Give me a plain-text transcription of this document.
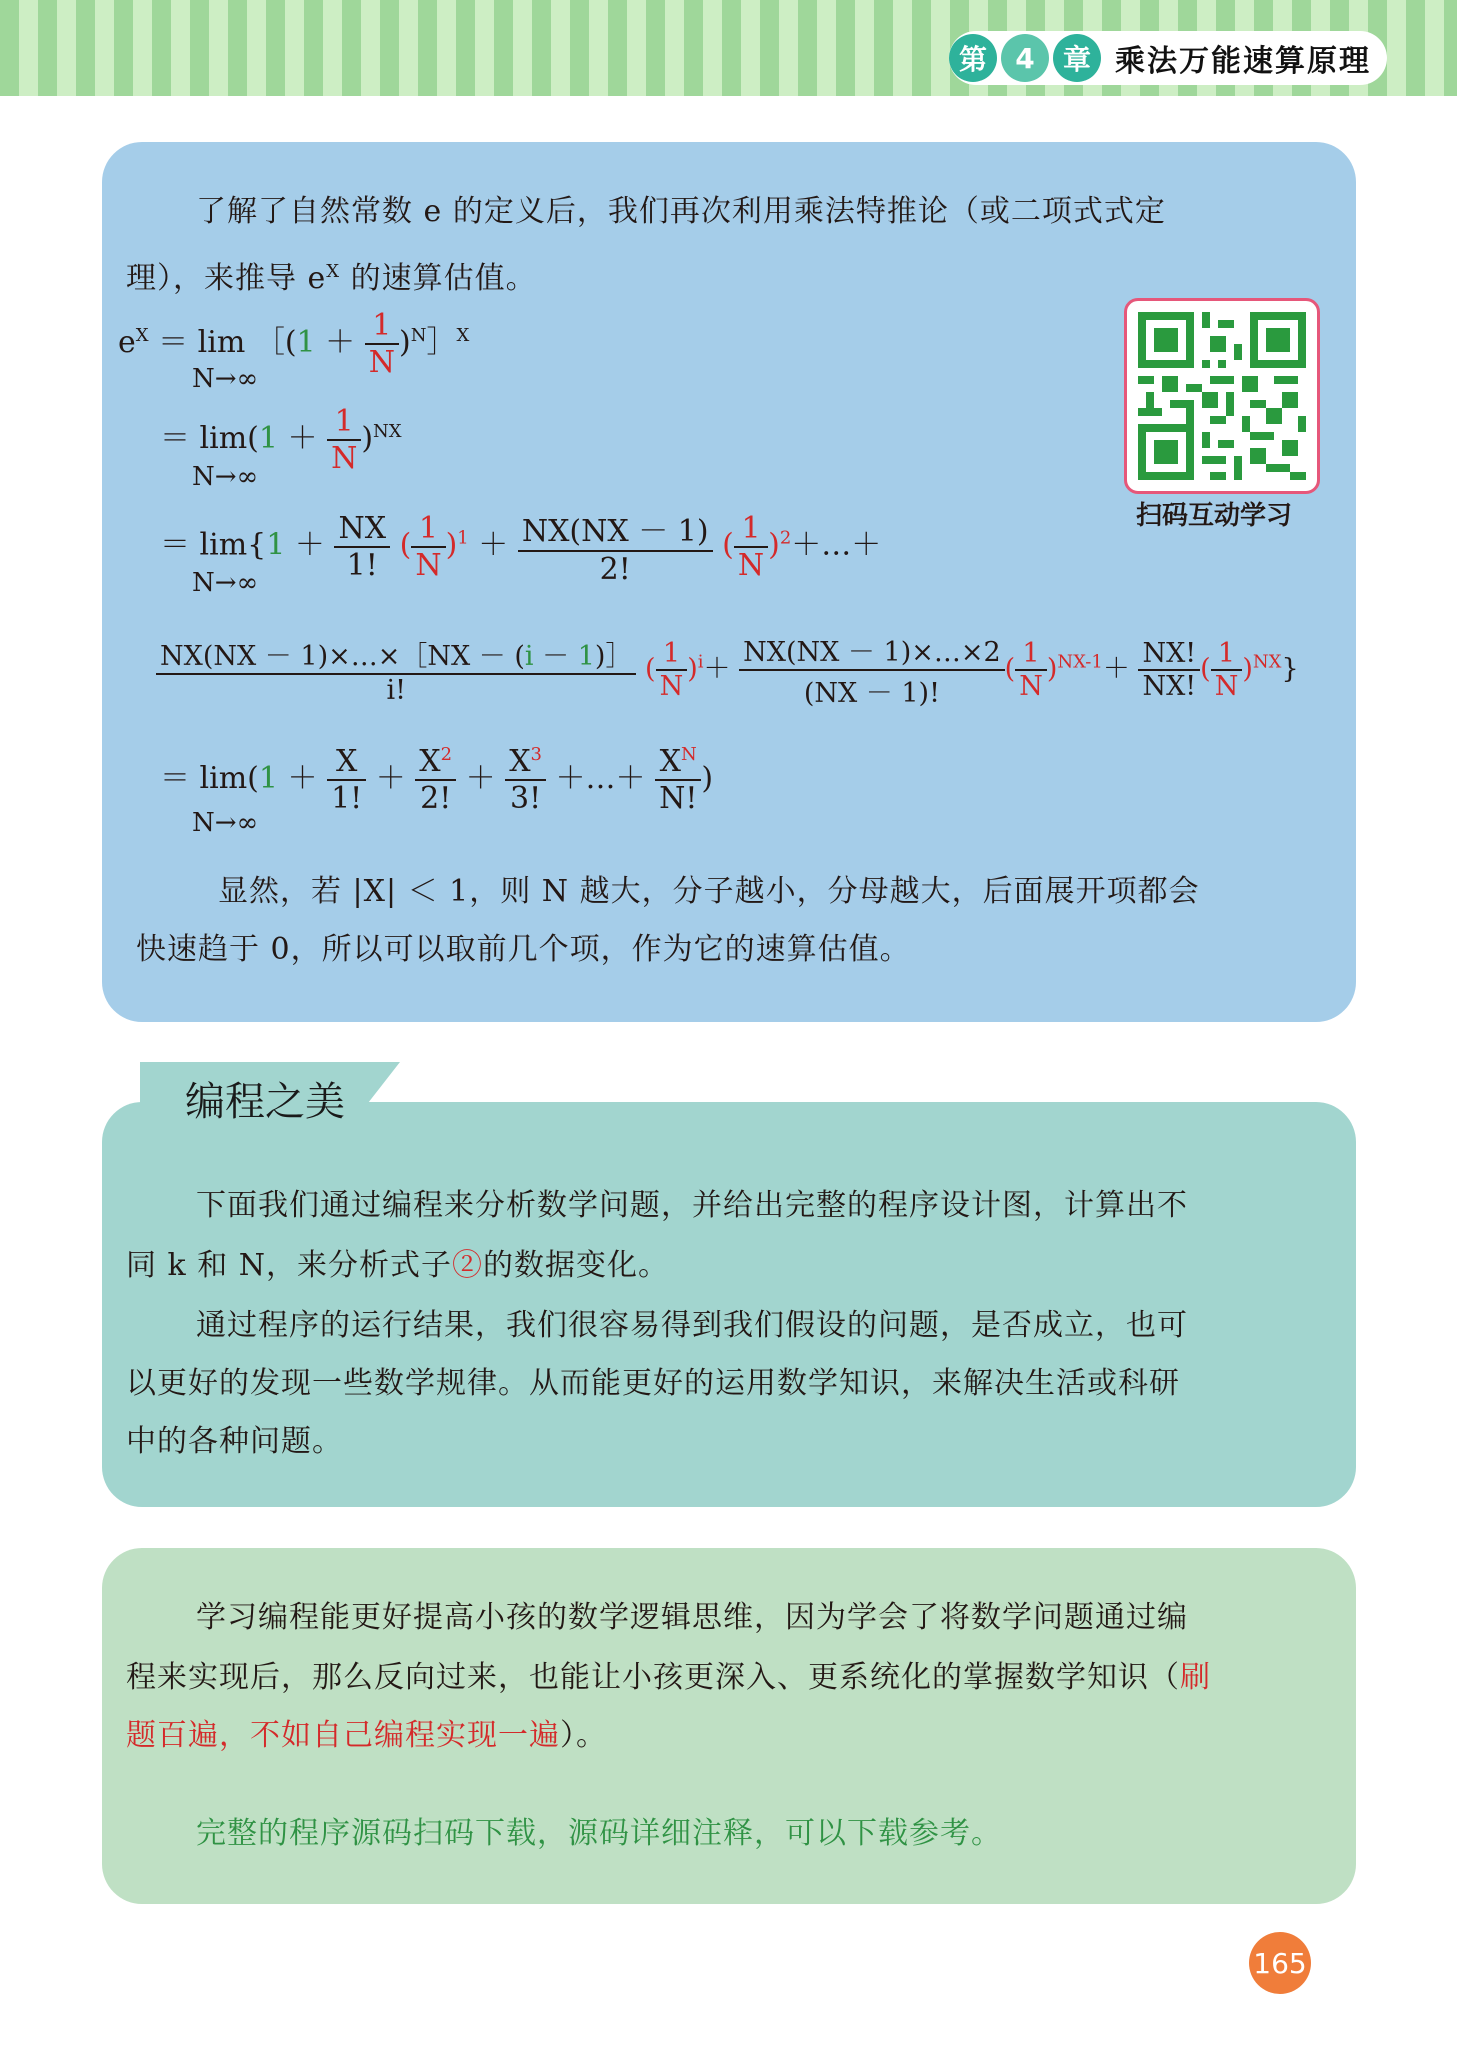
第	4	章 乘法万能速算原理
了解了自然常数 e 的定义后，我们再次利用乘法特推论（或二项式式定
理），来推导 $e^X$ 的速算估值。
$e^X = \lim$ ［(1 ＋ $\frac{1}{N}$ )$^N$］$^X$
N→∞
＝ $\lim(1 + \frac{1}{N} )^{NX}$
N→∞
＝ $\lim\{1 + \frac{NX}{1!}$ ( $\frac{1}{N} )^1 + \frac{NX(NX - 1)}{2!}$ ( $\frac{1}{N}$ )$^2$＋…＋
N→∞
$\frac{NX(NX - 1)\times\dots\times[NX - (i - 1)]}{i!}$ ( $\frac{1}{N} )^i+ \frac{NX(NX - 1)\times\dots\times 2}{(NX - 1)!}$ ( $\frac{1}{N} )^{NX-1}+ \frac{NX!}{NX!}$ ( $\frac{1}{N} )^{NX}$}
＝ $\lim(1 + \frac{X}{1!} + \frac{X^2}{2!} + \frac{X^3}{3!}$ ＋…＋ $\frac{X^N}{N!}$ )
N→∞
显然，若 |X| ＜ 1，则 N 越大，分子越小，分母越大，后面展开项都会
快速趋于 0，所以可以取前几个项，作为它的速算估值。
扫码互动学习
编程之美
下面我们通过编程来分析数学问题，并给出完整的程序设计图，计算出不
同 k 和 N，来分析式子②的数据变化。
通过程序的运行结果，我们很容易得到我们假设的问题，是否成立，也可
以更好的发现一些数学规律。从而能更好的运用数学知识，来解决生活或科研
中的各种问题。
学习编程能更好提高小孩的数学逻辑思维，因为学会了将数学问题通过编
程来实现后，那么反向过来，也能让小孩更深入、更系统化的掌握数学知识（刷
题百遍，不如自己编程实现一遍）。
完整的程序源码扫码下载，源码详细注释，可以下载参考。
165
